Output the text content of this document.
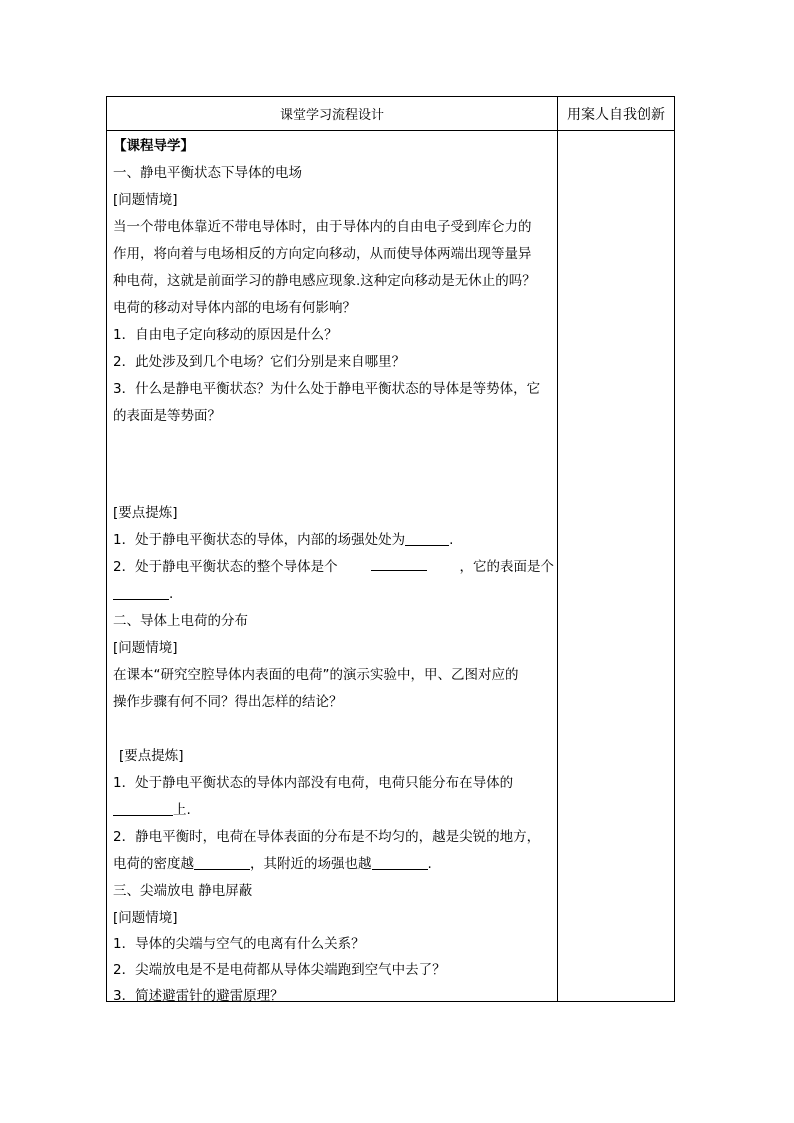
课堂学习流程设计	用案人自我创新
【课程导学】
一、静电平衡状态下导体的电场
[问题情境]
当一个带电体靠近不带电导体时，由于导体内的自由电子受到库仑力的
作用，将向着与电场相反的方向定向移动，从而使导体两端出现等量异
种电荷，这就是前面学习的静电感应现象.这种定向移动是无休止的吗？
电荷的移动对导体内部的电场有何影响？
1．自由电子定向移动的原因是什么？
2．此处涉及到几个电场？它们分别是来自哪里？
3．什么是静电平衡状态？为什么处于静电平衡状态的导体是等势体，它
的表面是等势面？
[要点提炼]
1．处于静电平衡状态的导体，内部的场强处处为	.
2．处于静电平衡状态的整个导体是个	，它的表面是个
.
二、导体上电荷的分布
[问题情境]
在课本“研究空腔导体内表面的电荷”的演示实验中，甲、乙图对应的
操作步骤有何不同？得出怎样的结论？
[要点提炼]
1．处于静电平衡状态的导体内部没有电荷，电荷只能分布在导体的
上.
2．静电平衡时，电荷在导体表面的分布是不均匀的，越是尖锐的地方，
电荷的密度越	，其附近的场强也越	.
三、尖端放电 静电屏蔽
[问题情境]
1．导体的尖端与空气的电离有什么关系？
2．尖端放电是不是电荷都从导体尖端跑到空气中去了？
3．简述避雷针的避雷原理？
